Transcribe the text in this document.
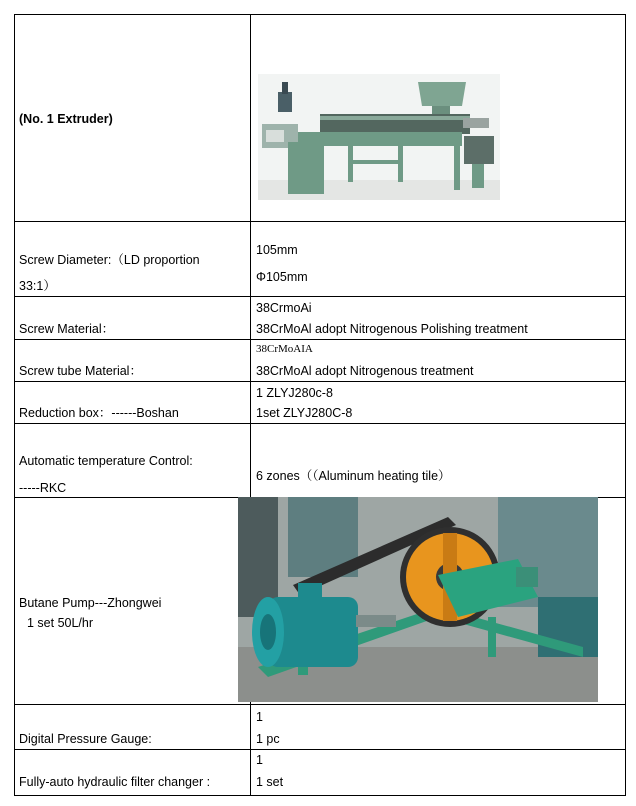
(No. 1 Extruder)
Screw Diameter:（LD proportion
33:1）
105mm
Φ105mm
Screw Material：
38CrmoAi
38CrMoAl adopt Nitrogenous Polishing treatment
Screw tube Material：
38CrMoAIA
38CrMoAl adopt Nitrogenous treatment
Reduction box：------Boshan
1 ZLYJ280c-8
1set ZLYJ280C-8
Automatic temperature Control:
-----RKC
6 zones（（Aluminum heating tile）
Butane Pump---Zhongwei
1 set 50L/hr
Digital Pressure Gauge:
1
1 pc
Fully-auto hydraulic filter changer :
1
1 set
